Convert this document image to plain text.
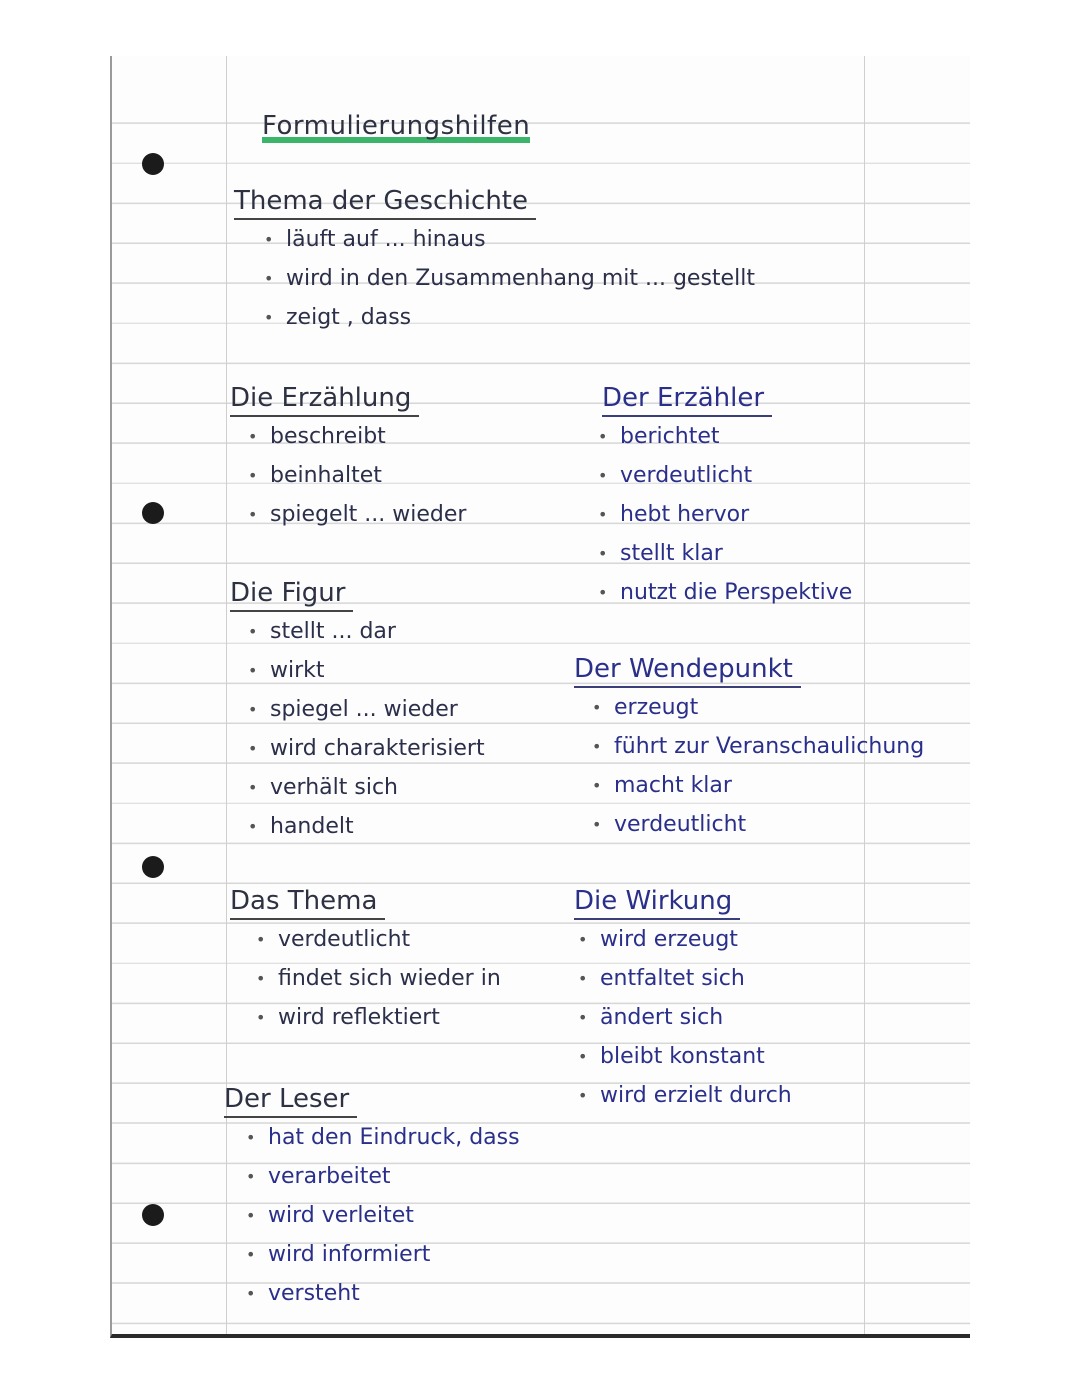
Formulierungshilfen
Thema der Geschichte
• läuft auf ... hinaus
• wird in den Zusammenhang mit ... gestellt
• zeigt , dass
Die Erzählung
• beschreibt
• beinhaltet
• spiegelt ... wieder
Der Erzähler
• berichtet
• verdeutlicht
• hebt hervor
• stellt klar
• nutzt die Perspektive
Die Figur
• stellt ... dar
• wirkt
• spiegel ... wieder
• wird charakterisiert
• verhält sich
• handelt
Der Wendepunkt
• erzeugt
• führt zur Veranschaulichung
• macht klar
• verdeutlicht
Das Thema
• verdeutlicht
• findet sich wieder in
• wird reflektiert
Die Wirkung
• wird erzeugt
• entfaltet sich
• ändert sich
• bleibt konstant
• wird erzielt durch
Der Leser
• hat den Eindruck, dass
• verarbeitet
• wird verleitet
• wird informiert
• versteht
